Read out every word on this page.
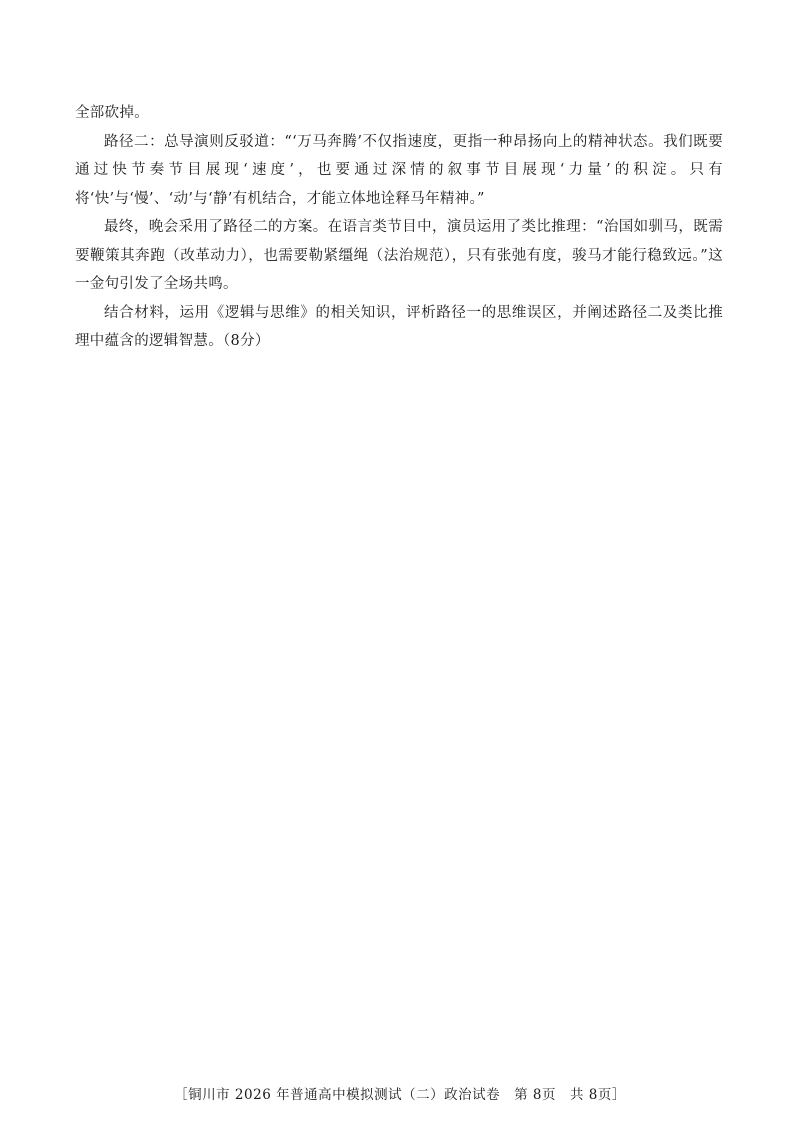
全部砍掉。

路径二：总导演则反驳道：“‘万马奔腾’不仅指速度，更指一种昂扬向上的精神状态。我们既要通过快节奏节目展现‘速度’，也要通过深情的叙事节目展现‘力量’的积淀。只有将‘快’与‘慢’、‘动’与‘静’有机结合，才能立体地诠释马年精神。”

最终，晚会采用了路径二的方案。在语言类节目中，演员运用了类比推理：“治国如驯马，既需要鞭策其奔跑（改革动力），也需要勒紧缰绳（法治规范），只有张弛有度，骏马才能行稳致远。”这一金句引发了全场共鸣。

结合材料，运用《逻辑与思维》的相关知识，评析路径一的思维误区，并阐述路径二及类比推理中蕴含的逻辑智慧。（8分）

［铜川市 2026 年普通高中模拟测试（二）政治试卷　第 8页　共 8页］
